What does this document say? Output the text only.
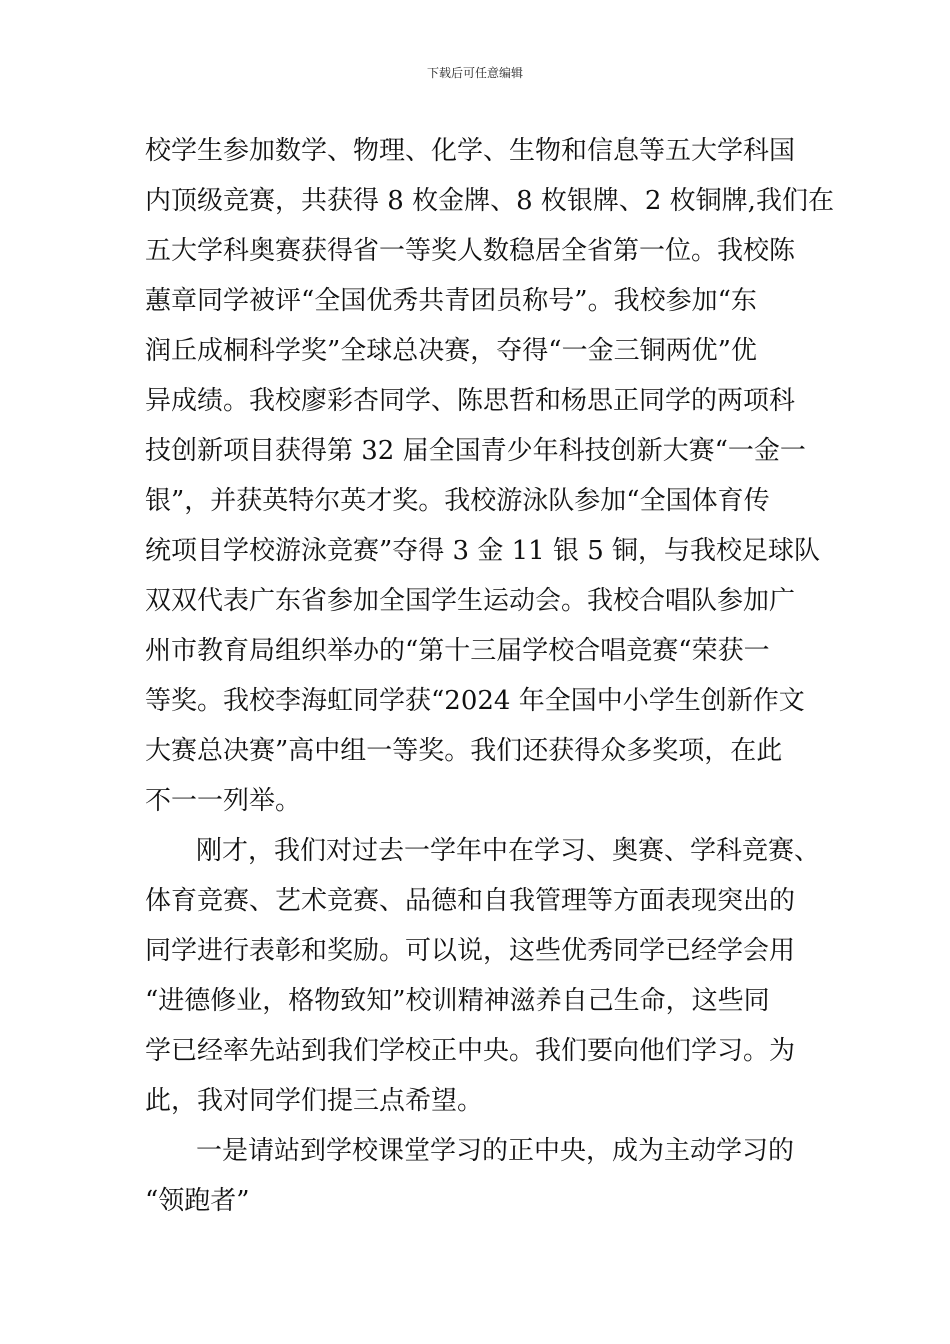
下载后可任意编辑
校学生参加数学、物理、化学、生物和信息等五大学科国
内顶级竞赛，共获得 8 枚金牌、8 枚银牌、2 枚铜牌,我们在
五大学科奥赛获得省一等奖人数稳居全省第一位。我校陈
蕙章同学被评“全国优秀共青团员称号”。我校参加“东
润丘成桐科学奖”全球总决赛，夺得“一金三铜两优”优
异成绩。我校廖彩杏同学、陈思哲和杨思正同学的两项科
技创新项目获得第 32 届全国青少年科技创新大赛“一金一
银”，并获英特尔英才奖。我校游泳队参加“全国体育传
统项目学校游泳竞赛”夺得 3 金 11 银 5 铜，与我校足球队
双双代表广东省参加全国学生运动会。我校合唱队参加广
州市教育局组织举办的“第十三届学校合唱竞赛“荣获一
等奖。我校李海虹同学获“2024 年全国中小学生创新作文
大赛总决赛”高中组一等奖。我们还获得众多奖项，在此
不一一列举。
刚才，我们对过去一学年中在学习、奥赛、学科竞赛、
体育竞赛、艺术竞赛、品德和自我管理等方面表现突出的
同学进行表彰和奖励。可以说，这些优秀同学已经学会用
“进德修业，格物致知”校训精神滋养自己生命，这些同
学已经率先站到我们学校正中央。我们要向他们学习。为
此，我对同学们提三点希望。
一是请站到学校课堂学习的正中央，成为主动学习的
“领跑者”
